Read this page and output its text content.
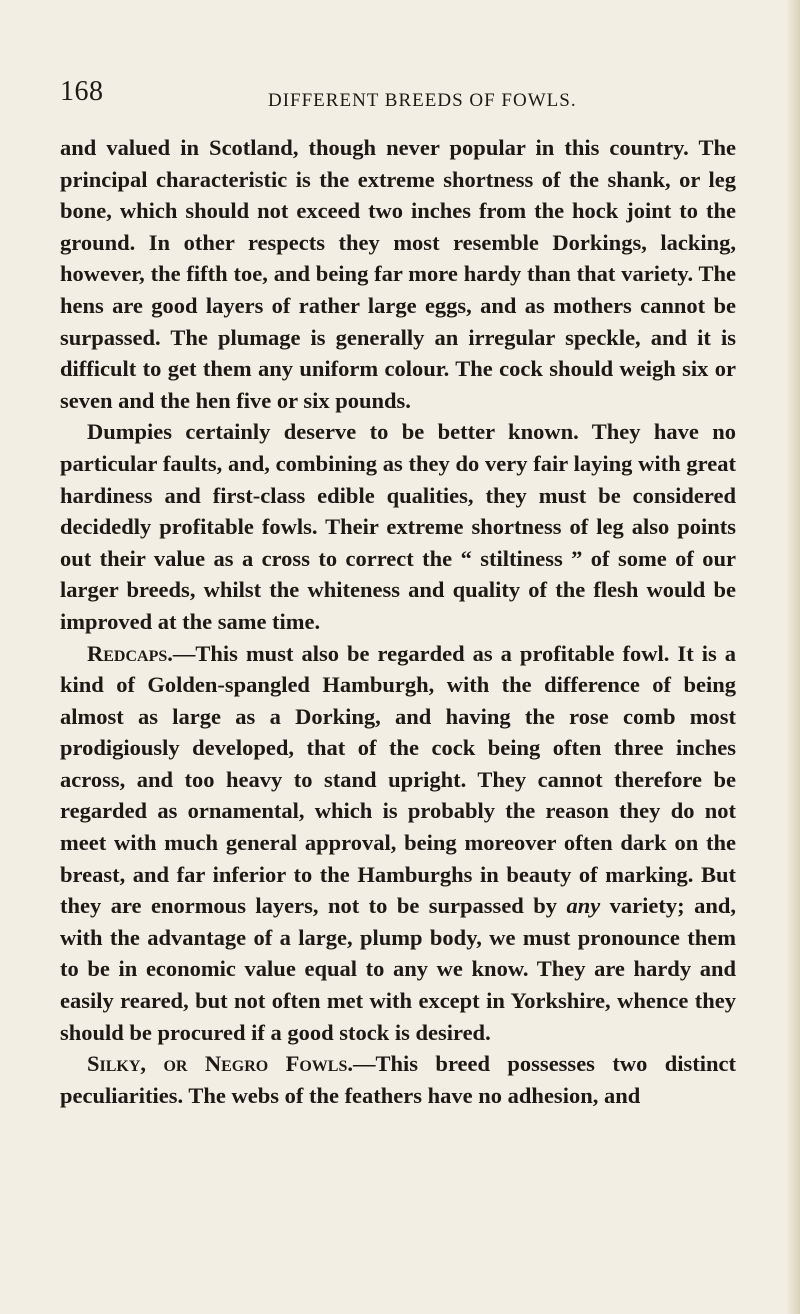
168	DIFFERENT BREEDS OF FOWLS.

and valued in Scotland, though never popular in this country. The principal characteristic is the extreme shortness of the shank, or leg bone, which should not exceed two inches from the hock joint to the ground. In other respects they most resemble Dorkings, lacking, however, the fifth toe, and being far more hardy than that variety. The hens are good layers of rather large eggs, and as mothers cannot be surpassed. The plumage is generally an irregular speckle, and it is difficult to get them any uniform colour. The cock should weigh six or seven and the hen five or six pounds.

Dumpies certainly deserve to be better known. They have no particular faults, and, combining as they do very fair laying with great hardiness and first-class edible qualities, they must be considered decidedly profitable fowls. Their extreme shortness of leg also points out their value as a cross to correct the “ stiltiness ” of some of our larger breeds, whilst the whiteness and quality of the flesh would be improved at the same time.

Redcaps.—This must also be regarded as a profitable fowl. It is a kind of Golden-spangled Hamburgh, with the difference of being almost as large as a Dorking, and having the rose comb most prodigiously developed, that of the cock being often three inches across, and too heavy to stand upright. They cannot therefore be regarded as ornamental, which is probably the reason they do not meet with much general approval, being moreover often dark on the breast, and far inferior to the Hamburghs in beauty of marking. But they are enormous layers, not to be surpassed by any variety; and, with the advantage of a large, plump body, we must pronounce them to be in economic value equal to any we know. They are hardy and easily reared, but not often met with except in Yorkshire, whence they should be procured if a good stock is desired.

Silky, or Negro Fowls.—This breed possesses two distinct peculiarities. The webs of the feathers have no adhesion, and
